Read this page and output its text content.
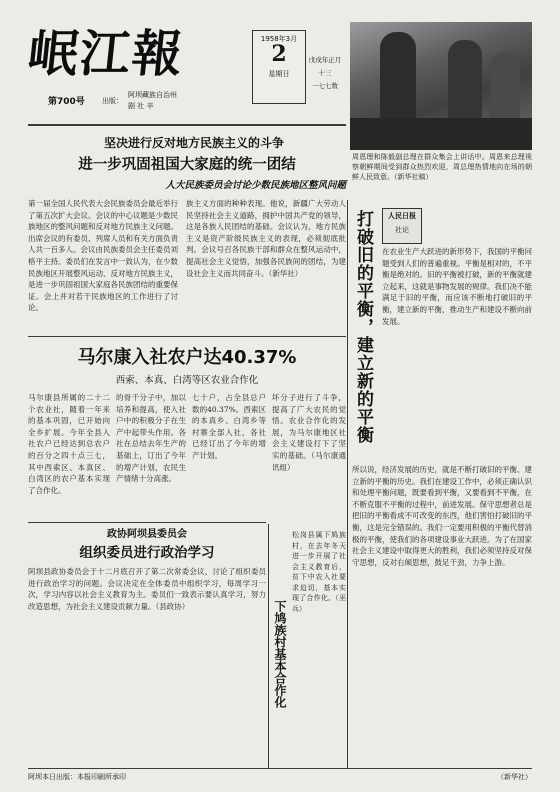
岷江報
第700号 出版：
阿坝藏族自治州
剧 社 辛
1958年3月
2
星期日
戊戌年正月
十三
一七七数
周恩理和陈毅副总理在群众集会上讲话中。周恩来总理视察朝鲜期间受到群众热烈欢迎，周总理热情地向在场的朝鲜人民致意。（新华社稿）
坚决进行反对地方民族主义的斗争
进一步巩固祖国大家庭的统一团结
人大民族委员会讨论少数民族地区整风问题
第一届全国人民代表大会民族委员会最近举行了第五次扩大会议。会议的中心议题是少数民族地区的整风问题和反对地方民族主义问题。出席会议的有委员、列席人员和有关方面负责人共一百多人。会议由民族委员会主任委员刘格平主持。委员们在发言中一致认为，在少数民族地区开展整风运动、反对地方民族主义，是进一步巩固祖国大家庭各民族团结的重要保证。会上并对若干民族地区的工作进行了讨论。
族主义方面的种种表现。他说，新疆广大劳动人民坚持社会主义道路，拥护中国共产党的领导，这是各族人民团结的基础。会议认为，地方民族主义是资产阶级民族主义的表现，必须彻底批判。会议号召各民族干部和群众在整风运动中，提高社会主义觉悟，加强各民族间的团结，为建设社会主义而共同奋斗。（新华社）
马尔康入社农户达40.37%
西索、本真、白湾等区农业合作化
马尔康县所属的二十二个农业社，随着一年来的基本巩固，已开始向全乡扩展。今年全县入社农户已经达到总农户的百分之四十点三七，其中西索区、本真区、白湾区的农户基本实现了合作化。
的骨干分子中，加以培养和提高，使入社户中的积极分子在生产中起带头作用。各社在总结去年生产的基础上，订出了今年的增产计划，农民生产情绪十分高涨。
七十户，占全县总户数的40.37%。西索区的本真乡、白湾乡等村寨全部入社，各社已经订出了今年的增产计划。
坏分子进行了斗争，提高了广大农民的觉悟。农业合作化的发展，为马尔康地区社会主义建设打下了坚实的基础。（马尔康通讯组）
政协阿坝县委员会
组织委员进行政治学习
阿坝县政协委员会于十二月底召开了第二次常委会议，讨论了组织委员进行政治学习的问题。会议决定在全体委员中组织学习，每周学习一次，学习内容以社会主义教育为主。委员们一致表示要认真学习，努力改造思想，为社会主义建设贡献力量。（县政协）	下鸠族村基本合作化
松岗县属下鸠族村，在去年冬天进一步开展了社会主义教育后，贫下中农入社要求迫切，基本实现了合作化。（巫兵）
打破旧的平衡，建立新的平衡	人民日报
社论
在农业生产大跃进的新形势下，我国的平衡问题受到人们的普遍重视。平衡是相对的，不平衡是绝对的。旧的平衡被打破，新的平衡就建立起来，这就是事物发展的规律。我们决不能满足于旧的平衡，而应该不断地打破旧的平衡，建立新的平衡，推动生产和建设不断向前发展。
所以说，经济发展的历史，就是不断打破旧的平衡、建立新的平衡的历史。我们在建设工作中，必须正确认识和处理平衡问题，既要看到平衡，又要看到不平衡，在不断克服不平衡的过程中，前进发展。保守思想者总是把旧的平衡看成不可改变的东西，他们害怕打破旧的平衡，这是完全错误的。我们一定要用积极的平衡代替消极的平衡，使我们的各项建设事业大跃进。为了在国家社会主义建设中取得更大的胜利，我们必须坚持反对保守思想，反对右倾思想，鼓足干劲，力争上游。
阿坝本日出版：本报印刷所承印	（新华社）
